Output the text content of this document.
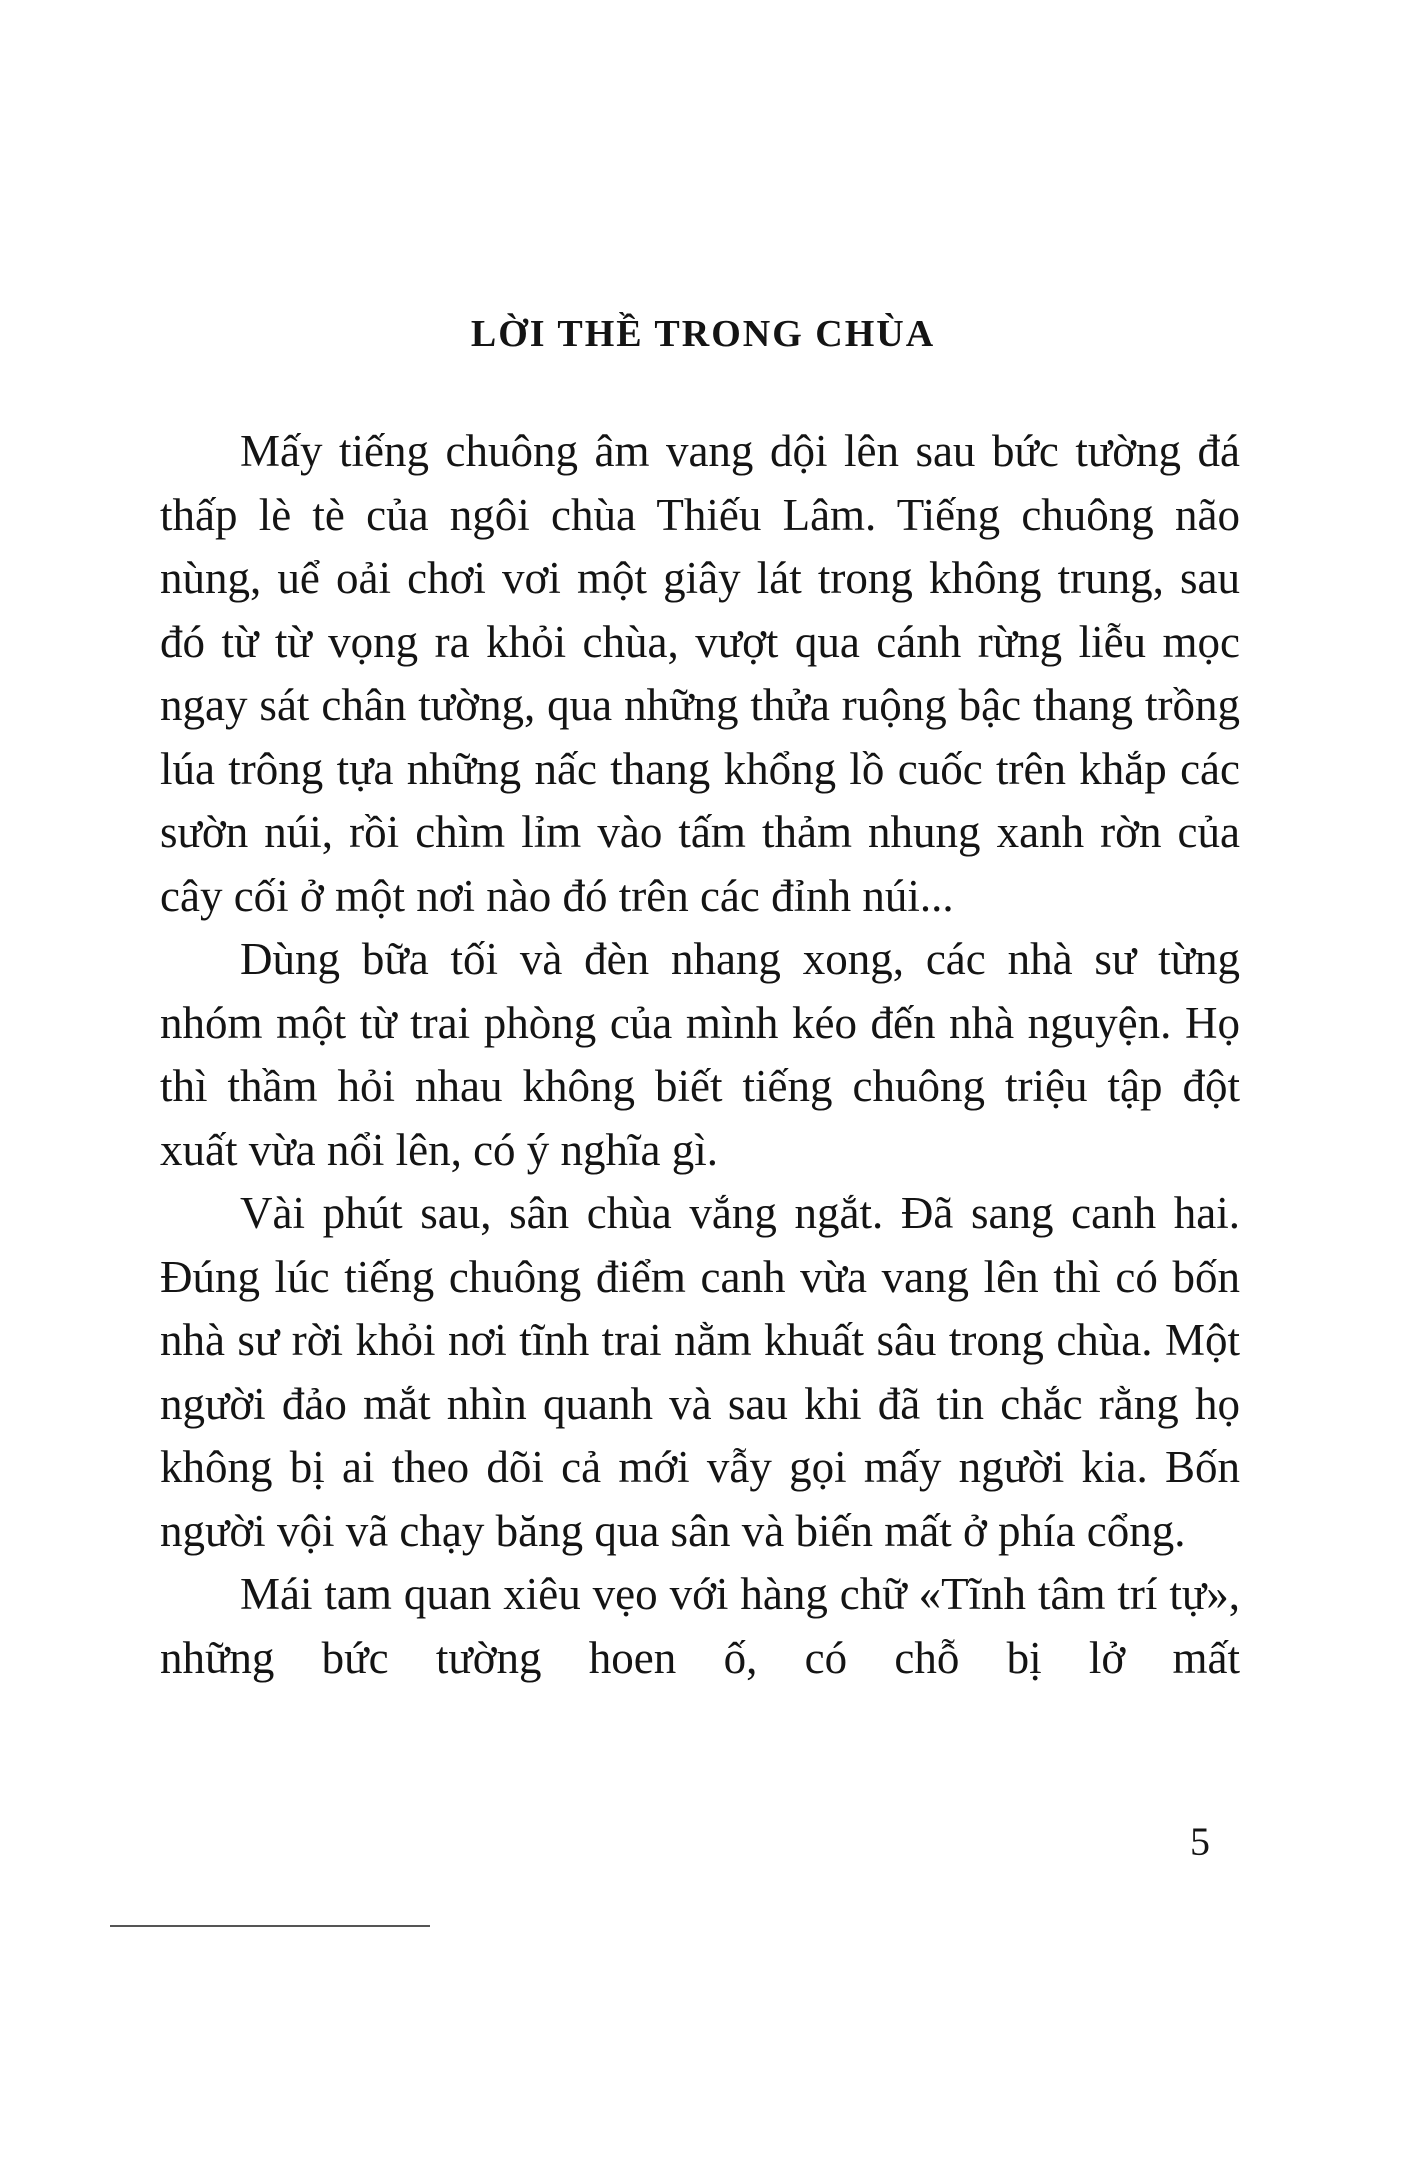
LỜI THỀ TRONG CHÙA

Mấy tiếng chuông âm vang dội lên sau bức tường đá thấp lè tè của ngôi chùa Thiếu Lâm. Tiếng chuông não nùng, uể oải chơi vơi một giây lát trong không trung, sau đó từ từ vọng ra khỏi chùa, vượt qua cánh rừng liễu mọc ngay sát chân tường, qua những thửa ruộng bậc thang trồng lúa trông tựa những nấc thang khổng lồ cuốc trên khắp các sườn núi, rồi chìm lỉm vào tấm thảm nhung xanh rờn của cây cối ở một nơi nào đó trên các đỉnh núi...

Dùng bữa tối và đèn nhang xong, các nhà sư từng nhóm một từ trai phòng của mình kéo đến nhà nguyện. Họ thì thầm hỏi nhau không biết tiếng chuông triệu tập đột xuất vừa nổi lên, có ý nghĩa gì.

Vài phút sau, sân chùa vắng ngắt. Đã sang canh hai. Đúng lúc tiếng chuông điểm canh vừa vang lên thì có bốn nhà sư rời khỏi nơi tĩnh trai nằm khuất sâu trong chùa. Một người đảo mắt nhìn quanh và sau khi đã tin chắc rằng họ không bị ai theo dõi cả mới vẫy gọi mấy người kia. Bốn người vội vã chạy băng qua sân và biến mất ở phía cổng.

Mái tam quan xiêu vẹo với hàng chữ «Tĩnh tâm trí tự», những bức tường hoen ố, có chỗ bị lở mất

5
